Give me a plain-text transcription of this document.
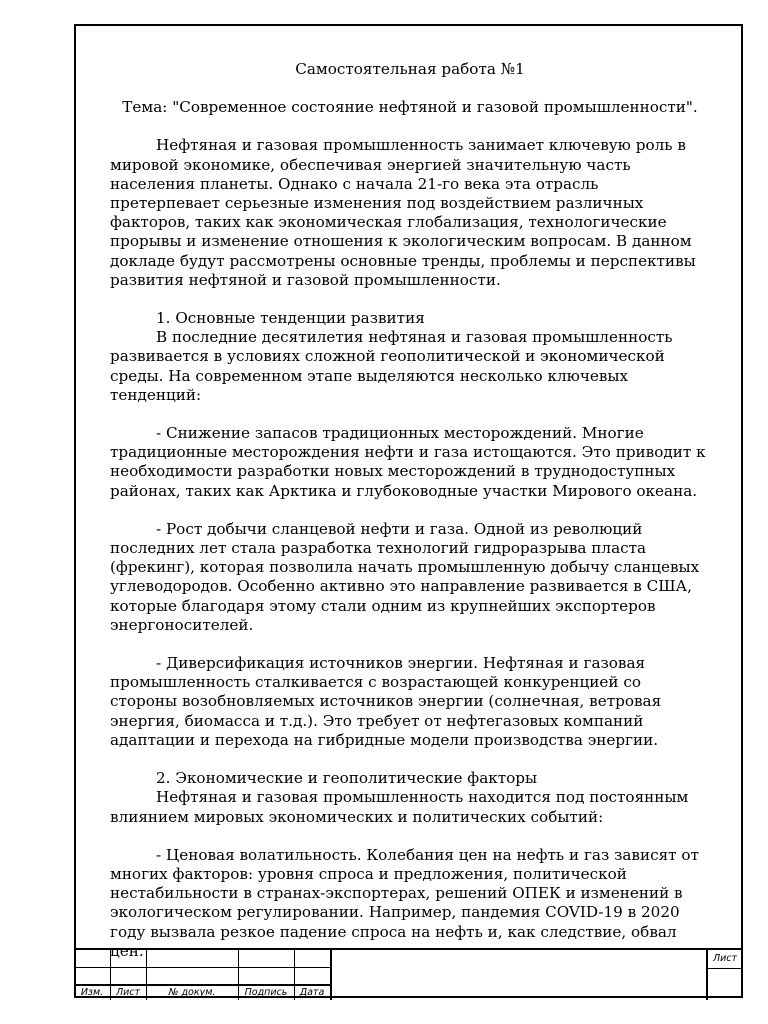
Самостоятельная работа №1

Тема: "Современное состояние нефтяной и газовой промышленности".

Нефтяная и газовая промышленность занимает ключевую роль в мировой экономике, обеспечивая энергией значительную часть населения планеты. Однако с начала 21-го века эта отрасль претерпевает серьезные изменения под воздействием различных факторов, таких как экономическая глобализация, технологические прорывы и изменение отношения к экологическим вопросам. В данном докладе будут рассмотрены основные тренды, проблемы и перспективы развития нефтяной и газовой промышленности.

1. Основные тенденции развития

В последние десятилетия нефтяная и газовая промышленность развивается в условиях сложной геополитической и экономической среды. На современном этапе выделяются несколько ключевых тенденций:

- Снижение запасов традиционных месторождений. Многие традиционные месторождения нефти и газа истощаются. Это приводит к необходимости разработки новых месторождений в труднодоступных районах, таких как Арктика и глубоководные участки Мирового океана.

- Рост добычи сланцевой нефти и газа. Одной из революций последних лет стала разработка технологий гидроразрыва пласта (фрекинг), которая позволила начать промышленную добычу сланцевых углеводородов. Особенно активно это направление развивается в США, которые благодаря этому стали одним из крупнейших экспортеров энергоносителей.

- Диверсификация источников энергии. Нефтяная и газовая промышленность сталкивается с возрастающей конкуренцией со стороны возобновляемых источников энергии (солнечная, ветровая энергия, биомасса и т.д.). Это требует от нефтегазовых компаний адаптации и перехода на гибридные модели производства энергии.

2. Экономические и геополитические факторы

Нефтяная и газовая промышленность находится под постоянным влиянием мировых экономических и политических событий:

- Ценовая волатильность. Колебания цен на нефть и газ зависят от многих факторов: уровня спроса и предложения, политической нестабильности в странах-экспортерах, решений ОПЕК и изменений в экологическом регулировании. Например, пандемия COVID-19 в 2020 году вызвала резкое падение спроса на нефть и, как следствие, обвал цен.

Изм.	Лист	№ докум.	Подпись	Дата
Лист
